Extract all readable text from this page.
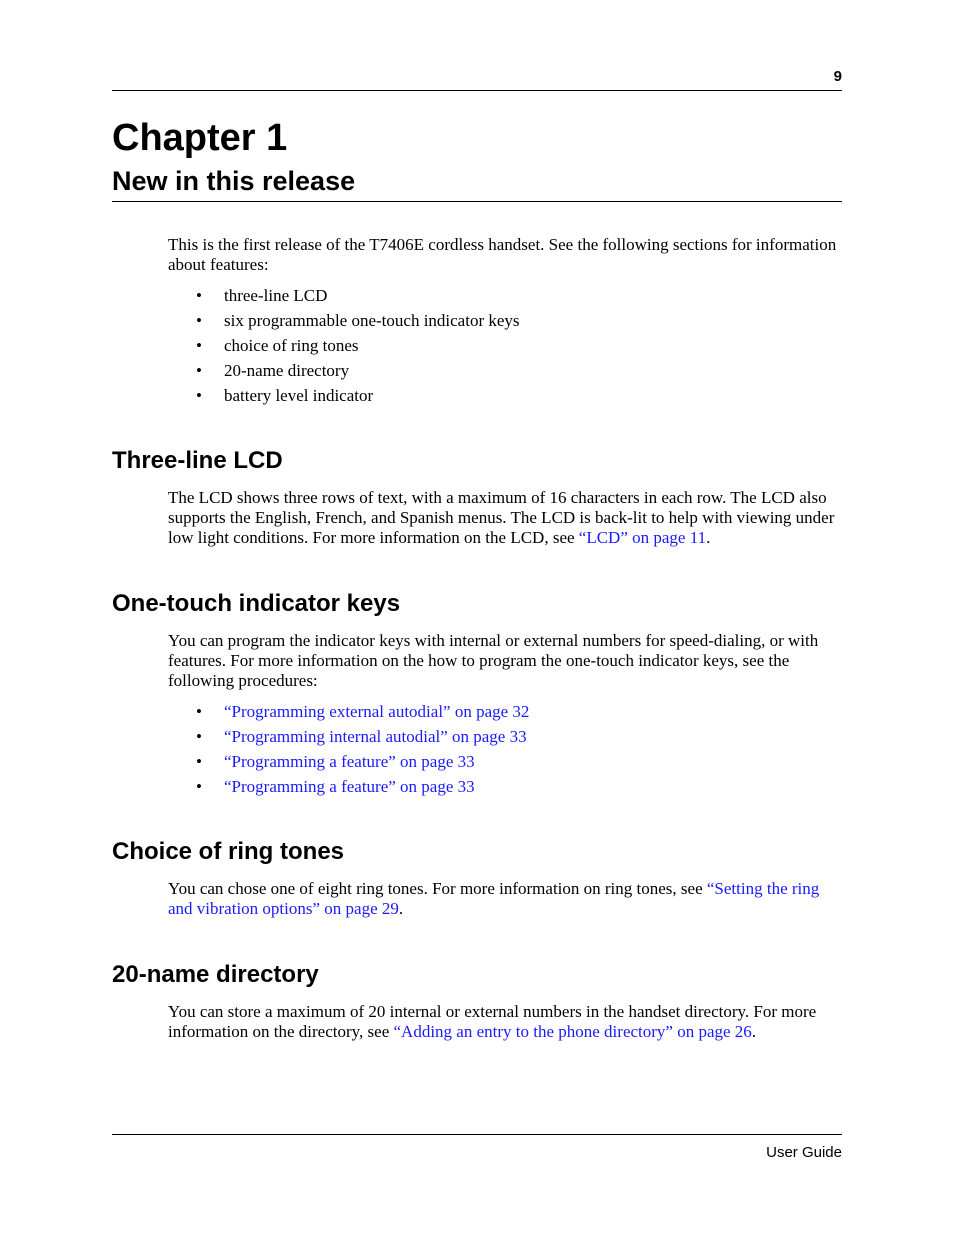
9
Chapter 1
New in this release

This is the first release of the T7406E cordless handset. See the following sections for information about features:

• three-line LCD
• six programmable one-touch indicator keys
• choice of ring tones
• 20-name directory
• battery level indicator
Three-line LCD

The LCD shows three rows of text, with a maximum of 16 characters in each row. The LCD also supports the English, French, and Spanish menus. The LCD is back-lit to help with viewing under low light conditions. For more information on the LCD, see “LCD” on page 11.

One-touch indicator keys

You can program the indicator keys with internal or external numbers for speed-dialing, or with features. For more information on the how to program the one-touch indicator keys, see the following procedures:

• “Programming external autodial” on page 32
• “Programming internal autodial” on page 33
• “Programming a feature” on page 33
• “Programming a feature” on page 33
Choice of ring tones

You can chose one of eight ring tones. For more information on ring tones, see “Setting the ring and vibration options” on page 29.

20-name directory

You can store a maximum of 20 internal or external numbers in the handset directory. For more information on the directory, see “Adding an entry to the phone directory” on page 26.

User Guide
